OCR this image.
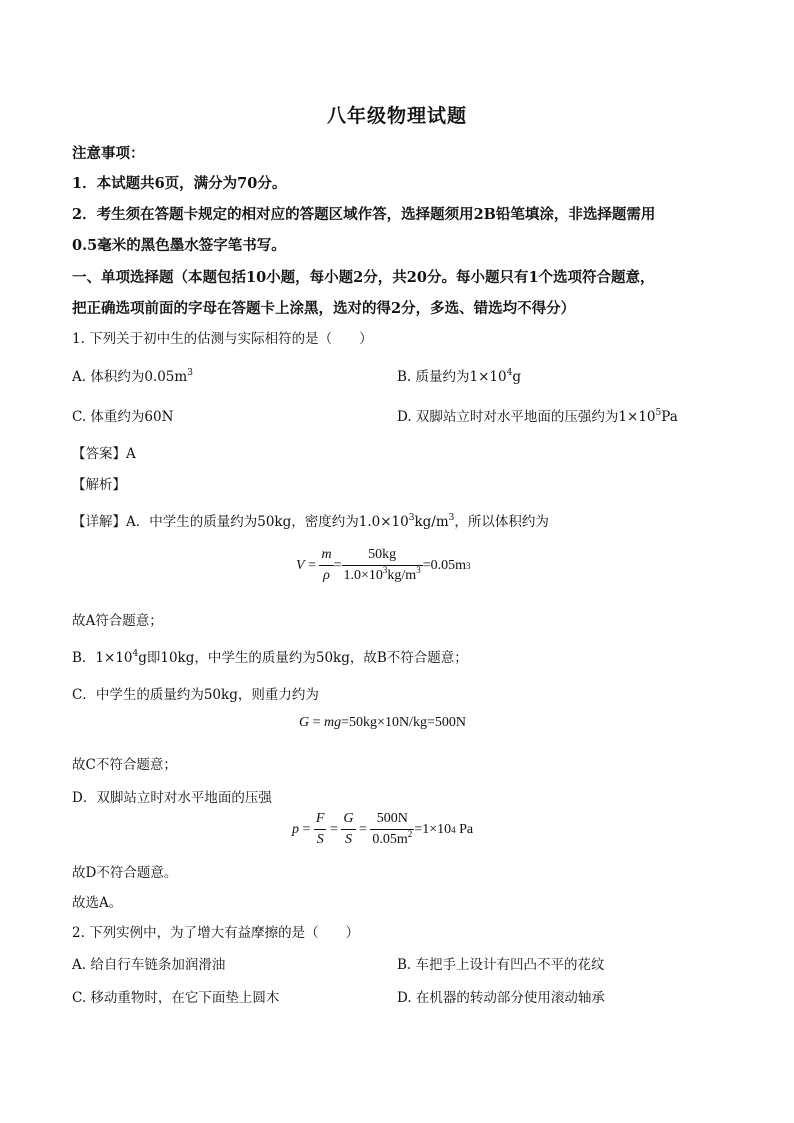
八年级物理试题
注意事项：
1．本试题共6页，满分为70分。
2．考生须在答题卡规定的相对应的答题区域作答，选择题须用2B铅笔填涂，非选择题需用
0.5毫米的黑色墨水签字笔书写。
一、单项选择题（本题包括10小题，每小题2分，共20分。每小题只有1个选项符合题意，
把正确选项前面的字母在答题卡上涂黑，选对的得2分，多选、错选均不得分）
1. 下列关于初中生的估测与实际相符的是（　　）
A. 体积约为$0.05m^3$	B. 质量约为$1\times 10^4g$
C. 体重约为60N	D. 双脚站立时对水平地面的压强约为$1\times 10^5Pa$
【答案】A
【解析】
【详解】A．中学生的质量约为50kg，密度约为$1.0\times 10^3kg/m^3$，所以体积约为
$V = \frac{m}{\rho} = \frac{50kg}{1.0\times 10^3kg/m^3} =0.05m$ 3
故A符合题意；
B．$1\times 10^4g$即10kg，中学生的质量约为50kg，故B不符合题意；
C．中学生的质量约为50kg，则重力约为
G = mg=50kg×10N/kg=500N
故C不符合题意；
D．双脚站立时对水平地面的压强
$p = \frac{F}{S} = \frac{G}{S} = \frac{500N}{0.05m^2} =1\times 10$ 4
Pa
故D不符合题意。
故选A。
2. 下列实例中，为了增大有益摩擦的是（　　）
A. 给自行车链条加润滑油	B. 车把手上设计有凹凸不平的花纹
C. 移动重物时，在它下面垫上圆木	D. 在机器的转动部分使用滚动轴承
